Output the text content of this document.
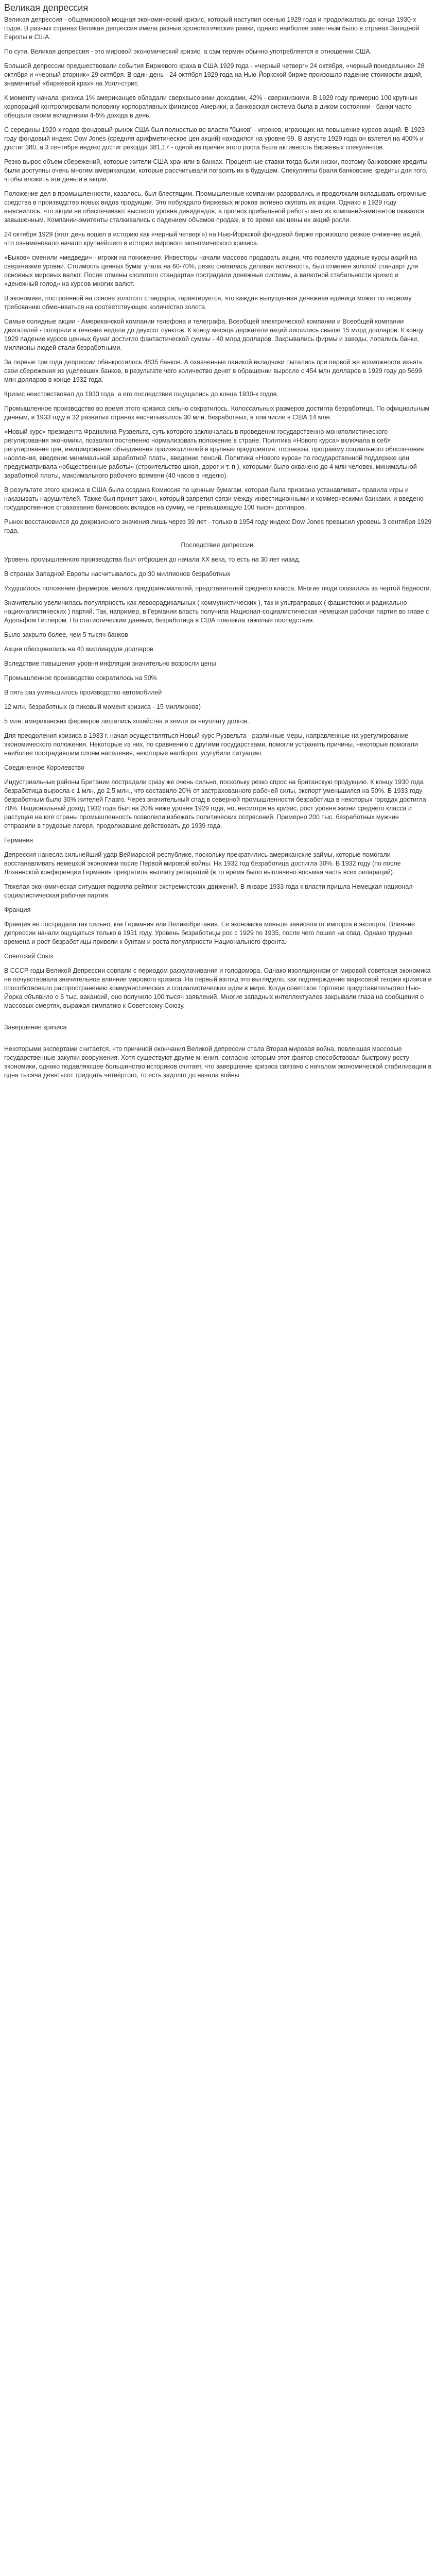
Великая депрессия

Великая депрессия - общемировой мощная экономический кризис, который наступил осенью 1929 года и продолжалась до конца 1930-х годов. В разных странах Великая депрессия имела разные хронологические рамки, однако наиболее заметным было в странах Западной Европы и США.

По сути, Великая депрессия - это мировой экономический кризис, а сам термин обычно употребляется в отношении США.

Большой депрессии предшествовали события Биржевого краха в США 1929 года - «черный четверг» 24 октября, «черный понедельник» 28 октября и «черный вторник» 29 октября. В один день - 24 октября 1929 года на Нью-Йоркской бирже произошло падение стоимости акций, знаменитый «биржевой крах» на Уолл-стрит.

К моменту начала кризиса 1% американцев обладали сверхвысокими доходами, 42% - сверхнизкими. В 1929 году примерно 100 крупных корпораций контролировали половину корпоративных финансов Америки, а банковская система была в диком состоянии - банки часто обещали своим вкладчикам 4-5% дохода в день.

С середины 1920-х годов фондовый рынок США был полностью во власти "быков" - игроков, играющих на повышение курсов акций. В 1923 году фондовый индекс Dow Jones (средняя арифметическое цен акций) находился на уровне 99. В августе 1929 года он взлетел на 400% и достиг 380, а 3 сентября индекс достиг рекорда 381,17 - одной из причин этого роста была активность биржевых спекулянтов.

Резко вырос объем сбережений, которые жители США хранили в банках. Процентные ставки тогда были низки, поэтому банковские кредиты были доступны очень многим американцам, которые рассчитывали погасить их в будущем. Спекулянты брали банковские кредиты для того, чтобы вложить эти деньги в акции.

Положение дел в промышленности, казалось, был блестящим. Промышленные компании разорвались и продолжали вкладывать огромные средства в производство новых видов продукции. Это побуждало биржевых игроков активно скупать их акции. Однако в 1929 году выяснилось, что акции не обеспечивают высокого уровня дивидендов, а прогноз прибыльной работы многих компаний-эмитентов оказался завышенным. Компании-эмитенты сталкивались с падением объемов продаж, в то время как цены их акций росли.

24 октября 1929 (этот день вошел в историю как «черный четверг») на Нью-Йоркской фондовой бирже произошло резкое снижение акций, что ознаменовало начало крупнейшего в истории мирового экономического кризиса.

«Быков» сменили «медведи» - игроки на понижение. Инвесторы начали массово продавать акции, что повлекло ударные курсы акций на сверхнизкие уровни. Стоимость ценных бумаг упала на 60-70%, резко снизилась деловая активность, был отменен золотой стандарт для основных мировых валют. После отмены «золотого стандарта» пострадали денежные системы, а валютной стабильности кризис и «денежный голод» на курсов многих валют.

В экономике, построенной на основе золотого стандарта, гарантируется, что каждая выпущенная денежная единица может по первому требованию обмениваться на соответствующее количество золота.

Самые солидные акции - Американской компании телефона и телеграфа, Всеобщей электрической компании и Всеобщей компании двигателей - потеряли в течение недели до двухсот пунктов. К концу месяца держатели акций лишились свыше 15 млрд долларов. К концу 1929 падение курсов ценных бумаг достигло фантастической суммы - 40 млрд долларов. Закрывались фирмы и заводы, лопались банки, миллионы людей стали безработными.

За первые три года депрессии обанкротилось 4835 банков. А охваченные паникой вкладчики пытались при первой же возможности изъять свои сбережения из уцелевших банков, в результате чего количество денег в обращении выросло с 454 млн долларов в 1929 году до 5699 млн долларов в конце 1932 года.

Кризис неистовствовал до 1933 года, а его последствия ощущались до конца 1930-х годов.

Промышленное производство во время этого кризиса сильно сократилось. Колоссальных размеров достигла безработица. По официальным данным, в 1933 году в 32 развитых странах насчитывалось 30 млн. безработных, в том числе в США 14 млн.

«Новый курс» президента Франклина Рузвельта, суть которого заключалась в проведении государственно-монополистического регулирования экономики, позволил постепенно нормализовать положение в стране. Политика «Нового курса» включала в себя регулирование цен, инициирование объединения производителей в крупные предприятия, госзаказы, программу социального обеспечения населения, введение минимальной заработной платы, введение пенсий. Политика «Нового курса» по государственной поддержке цен предусматривала «общественные работы» (строительство школ, дорог и т. п.), которыми было охвачено до 4 млн человек, минимальной заработной платы, максимального рабочего времени (40 часов в неделю).

В результате этого кризиса в США была создана Комиссия по ценным бумагам, которая была призвана устанавливать правила игры и наказывать нарушителей. Также был принят закон, который запретил связи между инвестиционными и коммерческими банками, и введено государственное страхование банковских вкладов на сумму, не превышающую 100 тысяч долларов.

Рынок восстановился до докризисного значения лишь через 39 лет - только в 1954 году индекс Dow Jones превысил уровень 3 сентября 1929 года.

Последствия депрессии.

Уровень промышленного производства был отброшен до начала XX века, то есть на 30 лет назад.

В странах Западной Европы насчитывалось до 30 миллионов безработных

Ухудшилось положение фермеров, мелких предпринимателей, представителей среднего класса. Многие люди оказались за чертой бедности.

Значительно увеличилась популярность как левоорадикальных ( коммунистических ), так и ультраправых ( фашистских и радикально - националистических ) партий. Так, например, в Германии власть получила Национал-социалистическая немецкая рабочая партия во главе с Адольфом Гитлером. По статистическим данным, безработица в США повлекла тяжелые последствия.

Было закрыто более, чем 5 тысяч банков

Акции обесценились на 40 миллиардов долларов

Вследствие повышения уровня инфляции значительно возросли цены

Промышленное производство сократилось на 50%

В пять раз уменьшилось производство автомобилей

12 млн. безработных (в пиковый момент кризиса - 15 миллионов)

5 млн. американских фермеров лишились хозяйства и земли за неуплату долгов.

Для преодоления кризиса в 1933 г. начал осуществляться Новый курс Рузвельта - различные меры, направленные на урегулирование экономического положения. Некоторые из них, по сравнению с другими государствами, помогли устранить причины, некоторые помогали наиболее пострадавшим слоям населения, некоторые наоборот, усугубили ситуацию.

Соединенное Королевство

Индустриальные районы Британии пострадали сразу же очень сильно, поскольку резко спрос на британскую продукцию. К концу 1930 года безработица выросла с 1 млн. до 2,5 млн., что составило 20% от застрахованного рабочей силы, экспорт уменьшился на 50%. В 1933 году безработным было 30% жителей Глазго. Через значительный спад в северной промышленности безработица в некоторых городах достигла 70%. Национальный доход 1932 года был на 20% ниже уровня 1929 года, но, несмотря на кризис, рост уровня жизни среднего класса и растущая на юге страны промышленность позволили избежать политических потрясений. Примерно 200 тыс. безработных мужчин отправили в трудовые лагеря, продолжавшие действовать до 1939 года.

Германия

Депрессия нанесла сильнейший удар Веймарской республике, поскольку прекратились американские займы, которые помогали восстанавливать немецкой экономики после Первой мировой войны. На 1932 год безработица достигла 30%. В 1932 году (по после Лозаннской конференции Германия прекратила выплату репараций (в то время было выплачено восьмая часть всех репараций).

Тяжелая экономическая ситуация подняла рейтинг экстремистских движений. В январе 1933 года к власти пришла Немецкая национал-социалистическая рабочая партия.

Франция

Франция не пострадала так сильно, как Германия или Великобритания. Ее экономика меньше зависела от импорта и экспорта. Влияние депрессии начали ощущаться только в 1931 году. Уровень безработицы рос с 1929 по 1935, после чего пошел на спад. Однако трудные времена и рост безработицы привели к бунтам и роста популярности Национального фронта.

Советский Союз

В СССР годы Великой Депрессии совпали с периодом раскулачивания и голодомора. Однако изоляционизм от мировой советская экономика не почувствовала значительное влияние мирового кризиса. На первый взгляд это выглядело, как подтверждение марксовой теории кризиса и способствовало распространению коммунистических и социалистических идеи в мире. Когда советское торговое представительство Нью-Йорка объявило о 6 тыс. вакансий, оно получило 100 тысяч заявлений. Многие западных интеллектуалов закрывали глаза на сообщения о массовых смертях, выражая симпатию к Советскому Союзу.

Завершение кризиса

Некоторыми экспертами считается, что причиной окончания Великой депрессии стала Вторая мировая война, повлекшая массовые государственные закупки вооружения. Хотя существуют другие мнения, согласно которым этот фактор способствовал быстрому росту экономики, однако подавляющее большинство историков считает, что завершение кризиса связано с началом экономической стабилизации в одна тысяча девятьсот тридцать четвёртого, то есть задолго до начала войны.
